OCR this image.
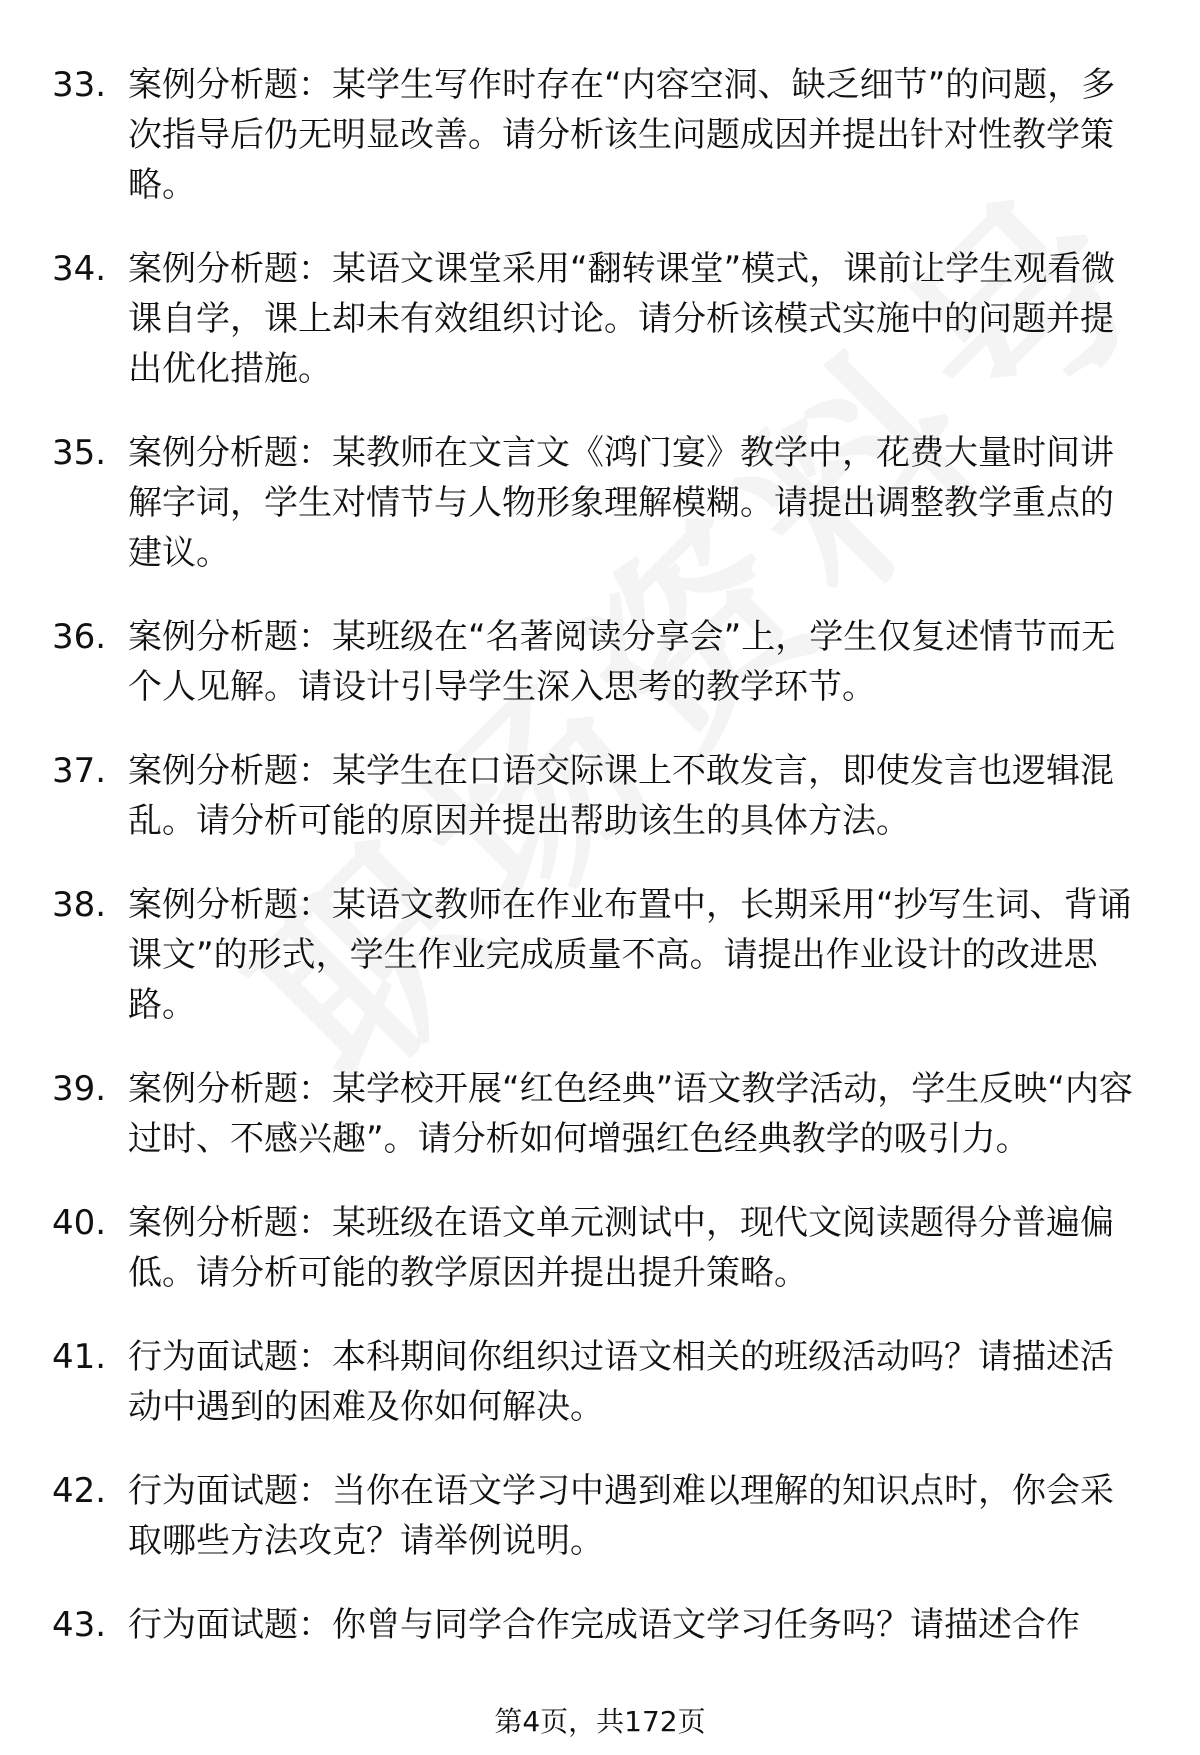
33. 案例分析题：某学生写作时存在“内容空洞、缺乏细节”的问题，多次指导后仍无明显改善。请分析该生问题成因并提出针对性教学策略。
34. 案例分析题：某语文课堂采用“翻转课堂”模式，课前让学生观看微课自学，课上却未有效组织讨论。请分析该模式实施中的问题并提出优化措施。
35. 案例分析题：某教师在文言文《鸿门宴》教学中，花费大量时间讲解字词，学生对情节与人物形象理解模糊。请提出调整教学重点的建议。
36. 案例分析题：某班级在“名著阅读分享会”上，学生仅复述情节而无个人见解。请设计引导学生深入思考的教学环节。
37. 案例分析题：某学生在口语交际课上不敢发言，即使发言也逻辑混乱。请分析可能的原因并提出帮助该生的具体方法。
38. 案例分析题：某语文教师在作业布置中，长期采用“抄写生词、背诵课文”的形式，学生作业完成质量不高。请提出作业设计的改进思路。
39. 案例分析题：某学校开展“红色经典”语文教学活动，学生反映“内容过时、不感兴趣”。请分析如何增强红色经典教学的吸引力。
40. 案例分析题：某班级在语文单元测试中，现代文阅读题得分普遍偏低。请分析可能的教学原因并提出提升策略。
41. 行为面试题：本科期间你组织过语文相关的班级活动吗？请描述活动中遇到的困难及你如何解决。
42. 行为面试题：当你在语文学习中遇到难以理解的知识点时，你会采取哪些方法攻克？请举例说明。
43. 行为面试题：你曾与同学合作完成语文学习任务吗？请描述合作
第4页，共172页
